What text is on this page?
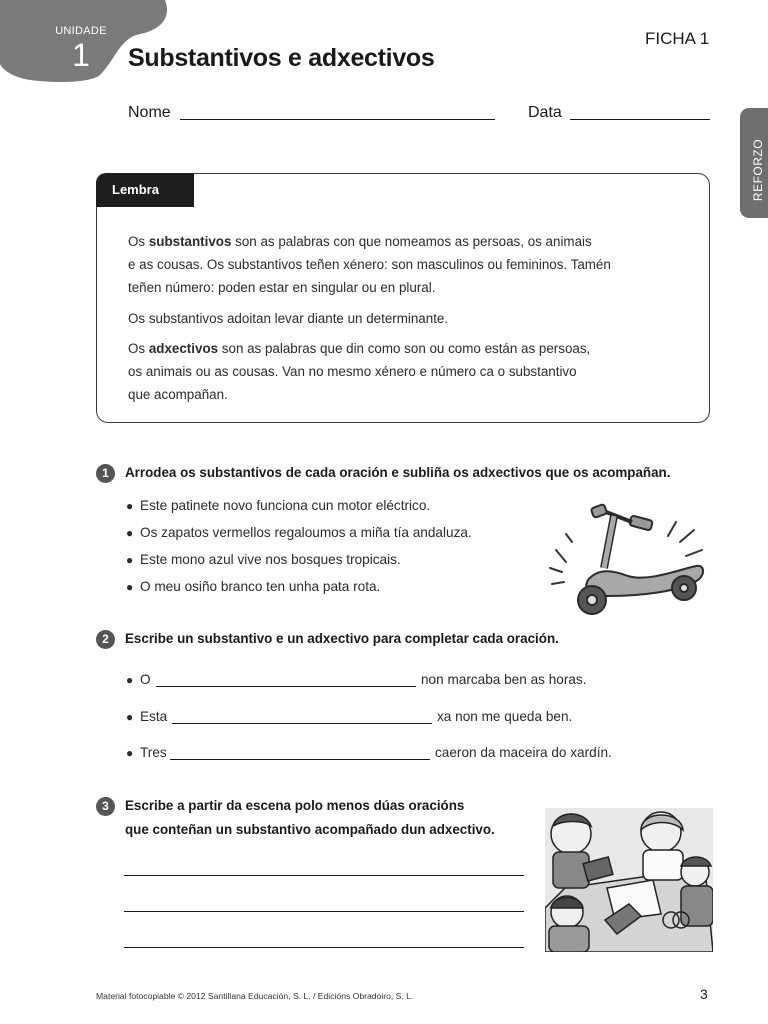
UNIDADE
1	Substantivos e adxectivos
FICHA 1
REFORZO
Nome	Data
Lembra
Os substantivos son as palabras con que nomeamos as persoas, os animais
e as cousas. Os substantivos teñen xénero: son masculinos ou femininos. Tamén
teñen número: poden estar en singular ou en plural.
Os substantivos adoitan levar diante un determinante.
Os adxectivos son as palabras que din como son ou como están as persoas,
os animais ou as cousas. Van no mesmo xénero e número ca o substantivo
que acompañan.
1	Arrodea os substantivos de cada oración e subliña os adxectivos que os acompañan.
● Este patinete novo funciona cun motor eléctrico.
● Os zapatos vermellos regaloumos a miña tía andaluza.
● Este mono azul vive nos bosques tropicais.
● O meu osiño branco ten unha pata rota.
2	Escribe un substantivo e un adxectivo para completar cada oración.
● O	non marcaba ben as horas.
● Esta	xa non me queda ben.
● Tres	caeron da maceira do xardín.
3	Escribe a partir da escena polo menos dúas oracións
que conteñan un substantivo acompañado dun adxectivo.
Material fotocopiable © 2012 Santillana Educación, S. L. / Edicións Obradoiro, S. L.	3
